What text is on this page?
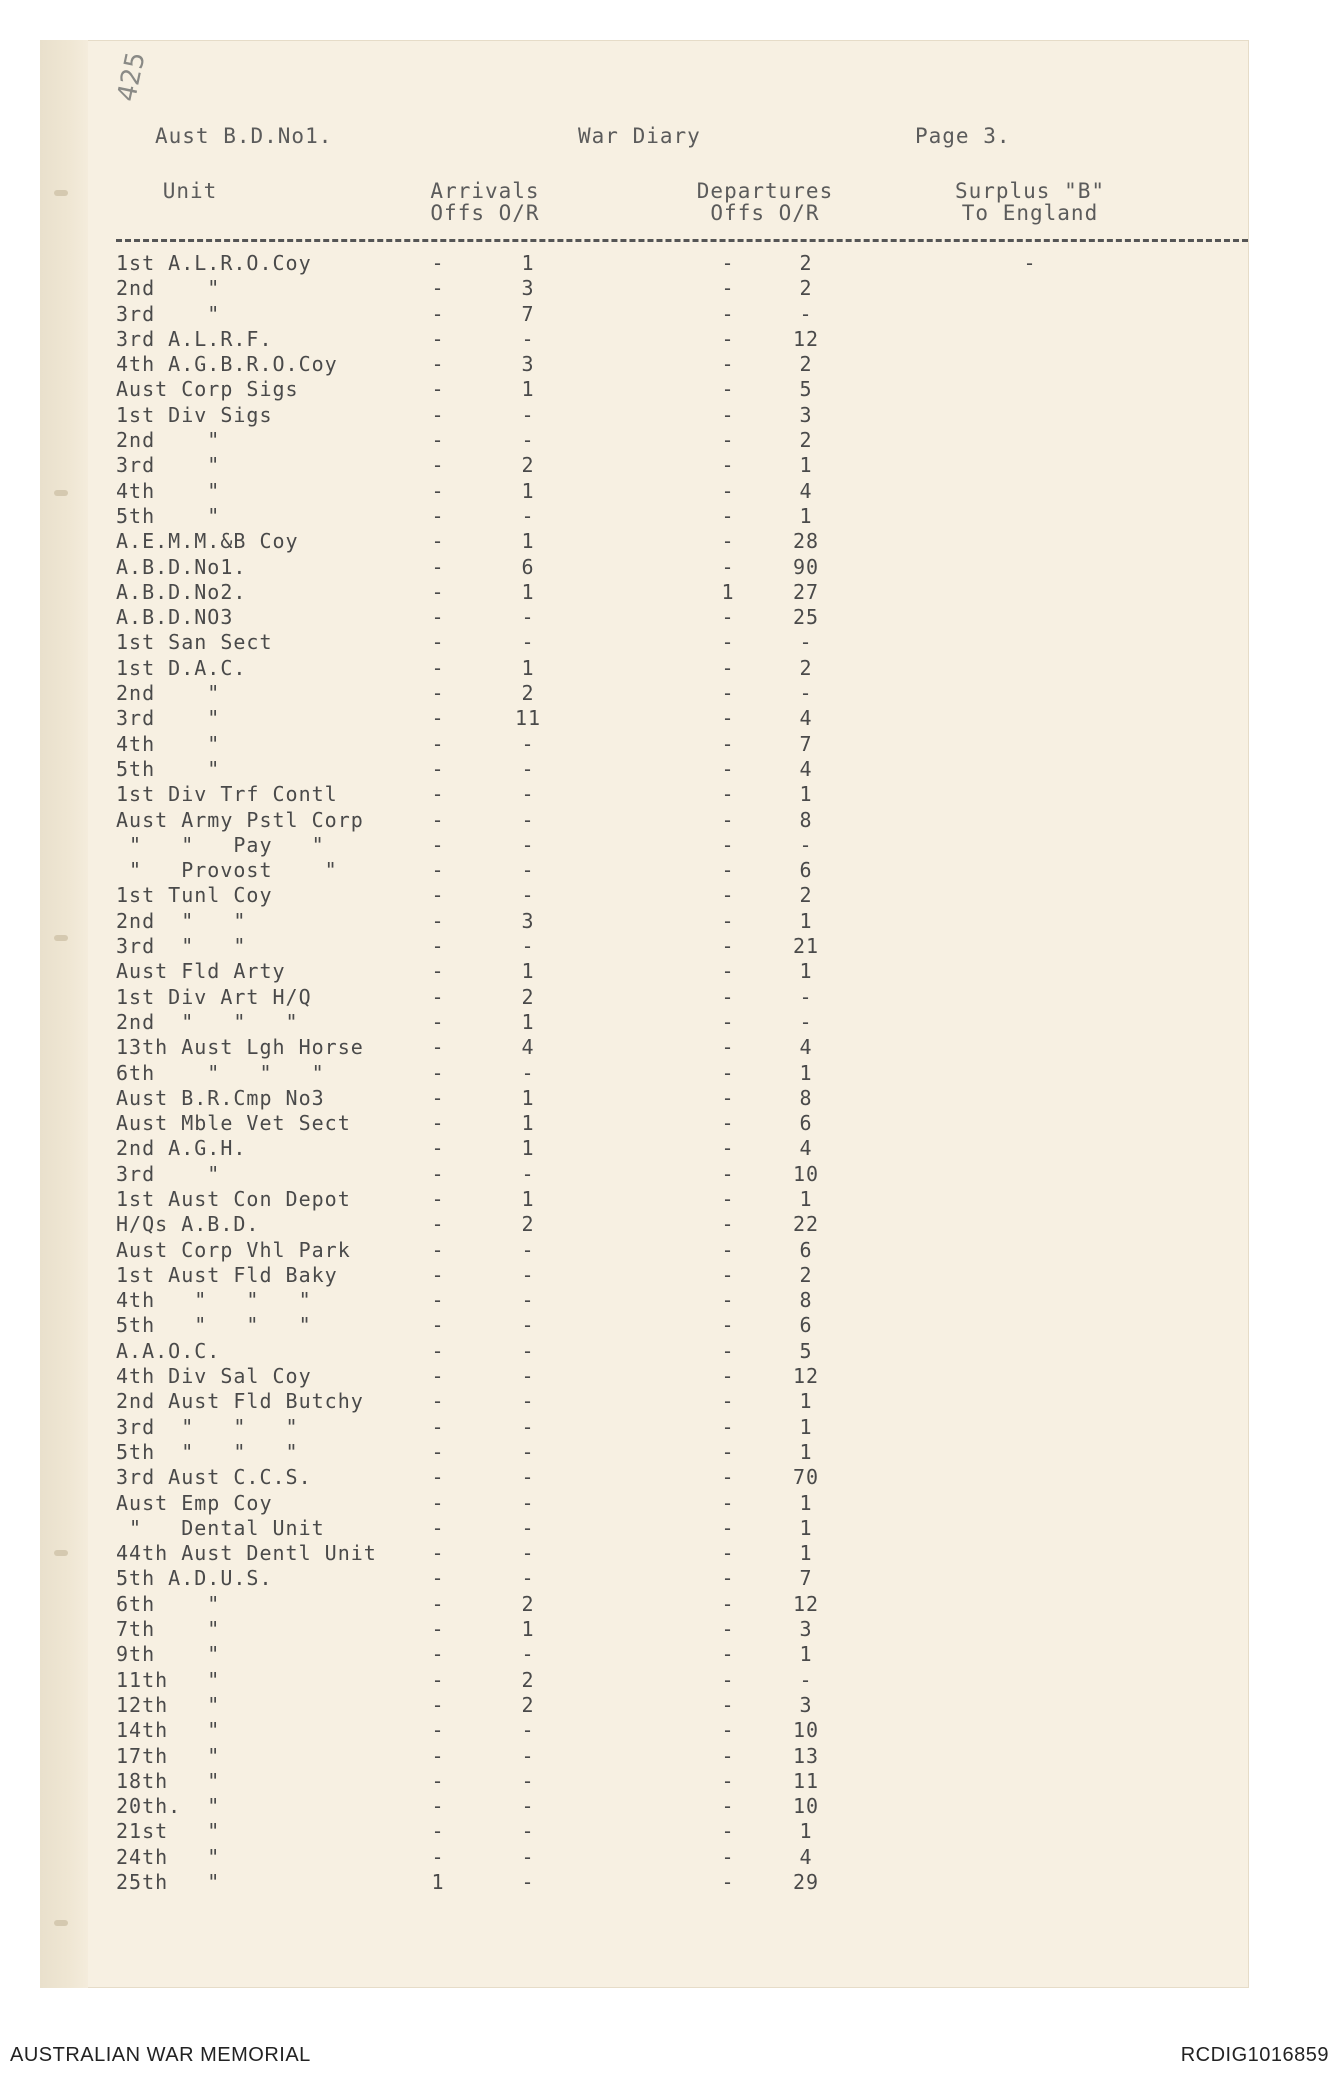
425
Aust B.D.No1.	War Diary	Page 3.
Unit	Arrivals
Offs O/R
Departures
Offs O/R
Surplus "B"
To England
1st A.L.R.O.Coy	-	1	-	2	-
2nd    "	-	3	-	2
3rd    "	-	7	-	-
3rd A.L.R.F.	-	-	-	12
4th A.G.B.R.O.Coy	-	3	-	2
Aust Corp Sigs	-	1	-	5
1st Div Sigs	-	-	-	3
2nd    "	-	-	-	2
3rd    "	-	2	-	1
4th    "	-	1	-	4
5th    "	-	-	-	1
A.E.M.M.&B Coy	-	1	-	28
A.B.D.No1.	-	6	-	90
A.B.D.No2.	-	1	1	27
A.B.D.NO3	-	-	-	25
1st San Sect	-	-	-	-
1st D.A.C.	-	1	-	2
2nd    "	-	2	-	-
3rd    "	-	11	-	4
4th    "	-	-	-	7
5th    "	-	-	-	4
1st Div Trf Contl	-	-	-	1
Aust Army Pstl Corp	-	-	-	8
"   "   Pay   "	-	-	-	-
"   Provost    "	-	-	-	6
1st Tunl Coy	-	-	-	2
2nd  "   "	-	3	-	1
3rd  "   "	-	-	-	21
Aust Fld Arty	-	1	-	1
1st Div Art H/Q	-	2	-	-
2nd  "   "   "	-	1	-	-
13th Aust Lgh Horse	-	4	-	4
6th    "   "   "	-	-	-	1
Aust B.R.Cmp No3	-	1	-	8
Aust Mble Vet Sect	-	1	-	6
2nd A.G.H.	-	1	-	4
3rd    "	-	-	-	10
1st Aust Con Depot	-	1	-	1
H/Qs A.B.D.	-	2	-	22
Aust Corp Vhl Park	-	-	-	6
1st Aust Fld Baky	-	-	-	2
4th   "   "   "	-	-	-	8
5th   "   "   "	-	-	-	6
A.A.O.C.	-	-	-	5
4th Div Sal Coy	-	-	-	12
2nd Aust Fld Butchy	-	-	-	1
3rd  "   "   "	-	-	-	1
5th  "   "   "	-	-	-	1
3rd Aust C.C.S.	-	-	-	70
Aust Emp Coy	-	-	-	1
"   Dental Unit	-	-	-	1
44th Aust Dentl Unit	-	-	-	1
5th A.D.U.S.	-	-	-	7
6th    "	-	2	-	12
7th    "	-	1	-	3
9th    "	-	-	-	1
11th   "	-	2	-	-
12th   "	-	2	-	3
14th   "	-	-	-	10
17th   "	-	-	-	13
18th   "	-	-	-	11
20th.  "	-	-	-	10
21st   "	-	-	-	1
24th   "	-	-	-	4
25th   "	1	-	-	29
AUSTRALIAN WAR MEMORIAL	RCDIG1016859
